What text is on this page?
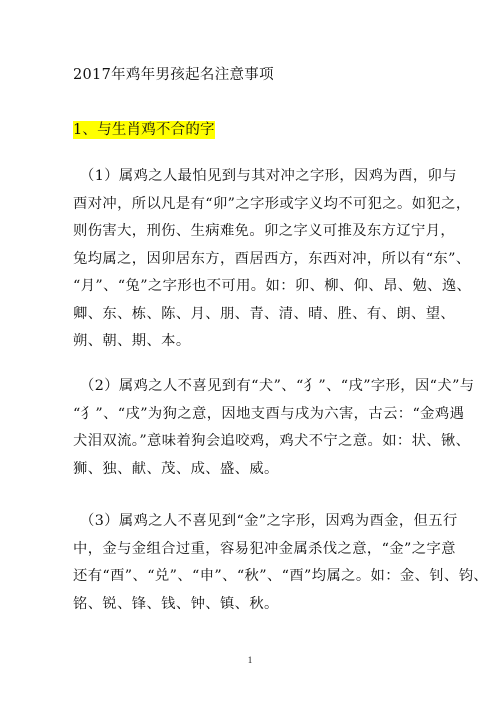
2017年鸡年男孩起名注意事项
1、与生肖鸡不合的字
（1）属鸡之人最怕见到与其对冲之字形，因鸡为酉，卯与
酉对冲，所以凡是有“卯”之字形或字义均不可犯之。如犯之，
则伤害大，刑伤、生病难免。卯之字义可推及东方辽宁月，
兔均属之，因卯居东方，酉居西方，东西对冲，所以有“东”、
“月”、“兔”之字形也不可用。如：卯、柳、仰、昂、勉、逸、
卿、东、栋、陈、月、朋、青、清、晴、胜、有、朗、望、
朔、朝、期、本。
（2）属鸡之人不喜见到有“犬”、“犭”、“戌”字形，因“犬”与
“犭”、“戌”为狗之意，因地支酉与戌为六害，古云：“金鸡遇
犬泪双流。”意味着狗会追咬鸡，鸡犬不宁之意。如：状、锹、
狮、独、献、茂、成、盛、威。
（3）属鸡之人不喜见到“金”之字形，因鸡为酉金，但五行
中，金与金组合过重，容易犯冲金属杀伐之意，“金”之字意
还有“酉”、“兑”、“申”、“秋”、“酉”均属之。如：金、钊、钧、
铭、锐、锋、钱、钟、镇、秋。
1
